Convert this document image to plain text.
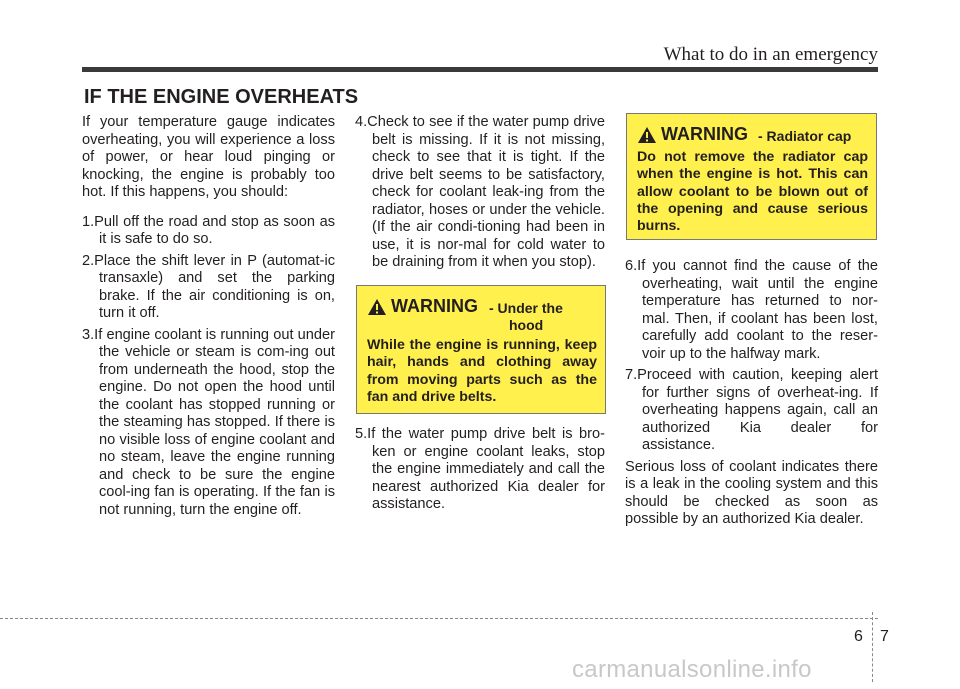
What to do in an emergency
IF THE ENGINE OVERHEATS

If your temperature gauge indicates overheating, you will experience a loss of power, or hear loud pinging or knocking, the engine is probably too hot. If this happens, you should:

1.Pull off the road and stop as soon as it is safe to do so.
2.Place the shift lever in P (automat-ic transaxle) and set the parking brake. If the air conditioning is on, turn it off.
3.If engine coolant is running out under the vehicle or steam is com-ing out from underneath the hood, stop the engine. Do not open the hood until the coolant has stopped running or the steaming has stopped. If there is no visible loss of engine coolant and no steam, leave the engine running and check to be sure the engine cool-ing fan is operating. If the fan is not running, turn the engine off.
4.Check to see if the water pump drive belt is missing. If it is not missing, check to see that it is tight. If the drive belt seems to be satisfactory, check for coolant leak-ing from the radiator, hoses or under the vehicle. (If the air condi-tioning had been in use, it is nor-mal for cold water to be draining from it when you stop).
5.If the water pump drive belt is bro-ken or engine coolant leaks, stop the engine immediately and call the nearest authorized Kia dealer for assistance.
WARNING - Under the
hood
While the engine is running, keep hair, hands and clothing away from moving parts such as the fan and drive belts.
WARNING - Radiator cap
Do not remove the radiator cap when the engine is hot. This can allow coolant to be blown out of the opening and cause serious burns.
6.If you cannot find the cause of the overheating, wait until the engine temperature has returned to nor-mal. Then, if coolant has been lost, carefully add coolant to the reser-voir up to the halfway mark.
7.Proceed with caution, keeping alert for further signs of overheat-ing. If overheating happens again, call an authorized Kia dealer for assistance.

Serious loss of coolant indicates there is a leak in the cooling system and this should be checked as soon as possible by an authorized Kia dealer.

6 7
carmanualsonline.info
